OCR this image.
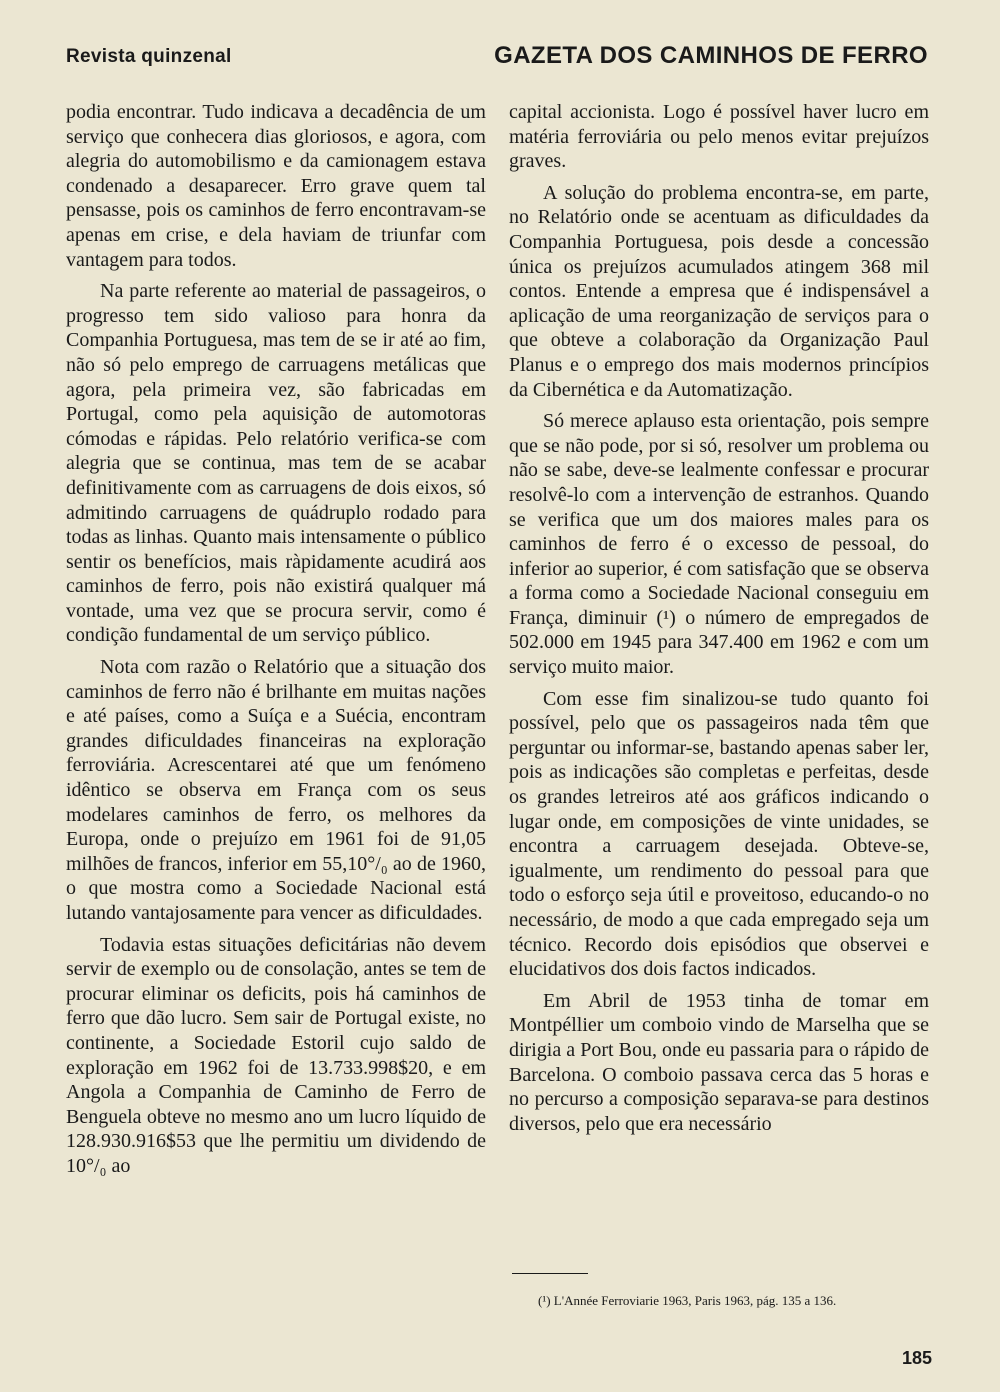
Revista quinzenal	GAZETA DOS CAMINHOS DE FERRO

podia encontrar. Tudo indicava a decadência de um serviço que conhecera dias gloriosos, e agora, com alegria do automobilismo e da camionagem estava condenado a desaparecer. Erro grave quem tal pensasse, pois os caminhos de ferro encontravam-se apenas em crise, e dela haviam de triunfar com vantagem para todos.

Na parte referente ao material de passageiros, o progresso tem sido valioso para honra da Companhia Portuguesa, mas tem de se ir até ao fim, não só pelo emprego de carruagens metálicas que agora, pela primeira vez, são fabricadas em Portugal, como pela aquisição de automotoras cómodas e rápidas. Pelo relatório verifica-se com alegria que se continua, mas tem de se acabar definitivamente com as carruagens de dois eixos, só admitindo carruagens de quádruplo rodado para todas as linhas. Quanto mais intensamente o público sentir os benefícios, mais ràpidamente acudirá aos caminhos de ferro, pois não existirá qualquer má vontade, uma vez que se procura servir, como é condição fundamental de um serviço público.

Nota com razão o Relatório que a situação dos caminhos de ferro não é brilhante em muitas nações e até países, como a Suíça e a Suécia, encontram grandes dificuldades financeiras na exploração ferroviária. Acrescentarei até que um fenómeno idêntico se observa em França com os seus modelares caminhos de ferro, os melhores da Europa, onde o prejuízo em 1961 foi de 91,05 milhões de francos, inferior em 55,10°/₀ ao de 1960, o que mostra como a Sociedade Nacional está lutando vantajosamente para vencer as dificuldades.

Todavia estas situações deficitárias não devem servir de exemplo ou de consolação, antes se tem de procurar eliminar os deficits, pois há caminhos de ferro que dão lucro. Sem sair de Portugal existe, no continente, a Sociedade Estoril cujo saldo de exploração em 1962 foi de 13.733.998$20, e em Angola a Companhia de Caminho de Ferro de Benguela obteve no mesmo ano um lucro líquido de 128.930.916$53 que lhe permitiu um dividendo de 10°/₀ ao

capital accionista. Logo é possível haver lucro em matéria ferroviária ou pelo menos evitar prejuízos graves.

A solução do problema encontra-se, em parte, no Relatório onde se acentuam as dificuldades da Companhia Portuguesa, pois desde a concessão única os prejuízos acumulados atingem 368 mil contos. Entende a empresa que é indispensável a aplicação de uma reorganização de serviços para o que obteve a colaboração da Organização Paul Planus e o emprego dos mais modernos princípios da Cibernética e da Automatização.

Só merece aplauso esta orientação, pois sempre que se não pode, por si só, resolver um problema ou não se sabe, deve-se lealmente confessar e procurar resolvê-lo com a intervenção de estranhos. Quando se verifica que um dos maiores males para os caminhos de ferro é o excesso de pessoal, do inferior ao superior, é com satisfação que se observa a forma como a Sociedade Nacional conseguiu em França, diminuir (¹) o número de empregados de 502.000 em 1945 para 347.400 em 1962 e com um serviço muito maior.

Com esse fim sinalizou-se tudo quanto foi possível, pelo que os passageiros nada têm que perguntar ou informar-se, bastando apenas saber ler, pois as indicações são completas e perfeitas, desde os grandes letreiros até aos gráficos indicando o lugar onde, em composições de vinte unidades, se encontra a carruagem desejada. Obteve-se, igualmente, um rendimento do pessoal para que todo o esforço seja útil e proveitoso, educando-o no necessário, de modo a que cada empregado seja um técnico. Recordo dois episódios que observei e elucidativos dos dois factos indicados.

Em Abril de 1953 tinha de tomar em Montpéllier um comboio vindo de Marselha que se dirigia a Port Bou, onde eu passaria para o rápido de Barcelona. O comboio passava cerca das 5 horas e no percurso a composição separava-se para destinos diversos, pelo que era necessário

(¹) L'Année Ferroviarie 1963, Paris 1963, pág. 135 a 136.
185
